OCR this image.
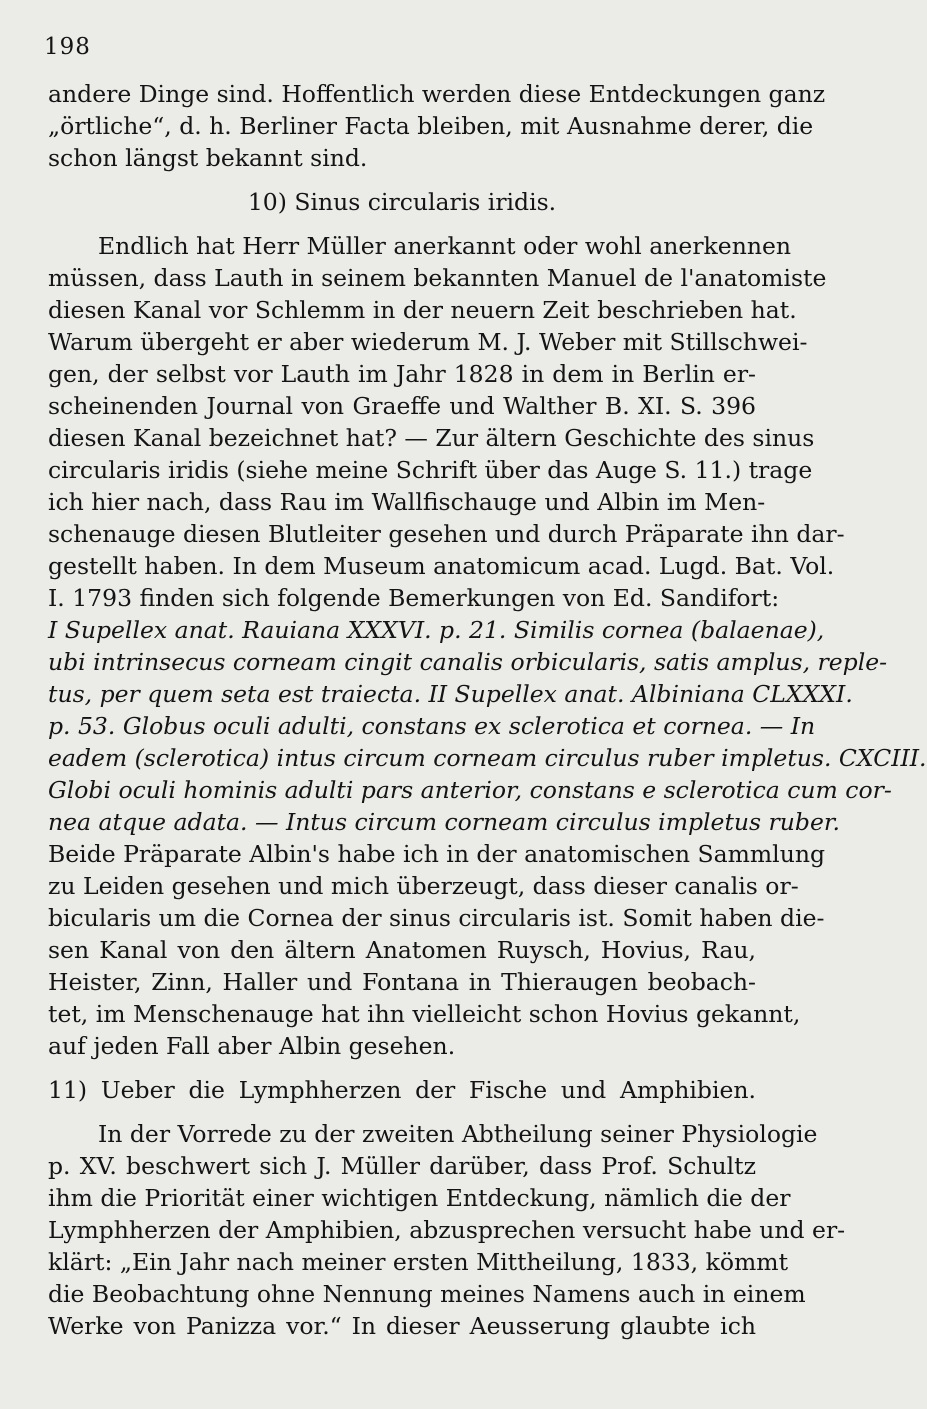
198
andere Dinge sind. Hoffentlich werden diese Entdeckungen ganz
„örtliche“, d. h. Berliner Facta bleiben, mit Ausnahme derer, die
schon längst bekannt sind.
10) Sinus circularis iridis.
Endlich hat Herr Müller anerkannt oder wohl anerkennen
müssen, dass Lauth in seinem bekannten Manuel de l'anatomiste
diesen Kanal vor Schlemm in der neuern Zeit beschrieben hat.
Warum übergeht er aber wiederum M. J. Weber mit Stillschwei-
gen, der selbst vor Lauth im Jahr 1828 in dem in Berlin er-
scheinenden Journal von Graeffe und Walther B. XI. S. 396
diesen Kanal bezeichnet hat? — Zur ältern Geschichte des sinus
circularis iridis (siehe meine Schrift über das Auge S. 11.) trage
ich hier nach, dass Rau im Wallfischauge und Albin im Men-
schenauge diesen Blutleiter gesehen und durch Präparate ihn dar-
gestellt haben. In dem Museum anatomicum acad. Lugd. Bat. Vol.
I. 1793 finden sich folgende Bemerkungen von Ed. Sandifort:
I Supellex anat. Rauiana XXXVI. p. 21. Similis cornea (balaenae),
ubi intrinsecus corneam cingit canalis orbicularis, satis amplus, reple-
tus, per quem seta est traiecta. II Supellex anat. Albiniana CLXXXI.
p. 53. Globus oculi adulti, constans ex sclerotica et cornea. — In
eadem (sclerotica) intus circum corneam circulus ruber impletus. CXCIII.
Globi oculi hominis adulti pars anterior, constans e sclerotica cum cor-
nea atque adata. — Intus circum corneam circulus impletus ruber.
Beide Präparate Albin's habe ich in der anatomischen Sammlung
zu Leiden gesehen und mich überzeugt, dass dieser canalis or-
bicularis um die Cornea der sinus circularis ist. Somit haben die-
sen Kanal von den ältern Anatomen Ruysch, Hovius, Rau,
Heister, Zinn, Haller und Fontana in Thieraugen beobach-
tet, im Menschenauge hat ihn vielleicht schon Hovius gekannt,
auf jeden Fall aber Albin gesehen.
11) Ueber die Lymphherzen der Fische und Amphibien.
In der Vorrede zu der zweiten Abtheilung seiner Physiologie
p. XV. beschwert sich J. Müller darüber, dass Prof. Schultz
ihm die Priorität einer wichtigen Entdeckung, nämlich die der
Lymphherzen der Amphibien, abzusprechen versucht habe und er-
klärt: „Ein Jahr nach meiner ersten Mittheilung, 1833, kömmt
die Beobachtung ohne Nennung meines Namens auch in einem
Werke von Panizza vor.“ In dieser Aeusserung glaubte ich
